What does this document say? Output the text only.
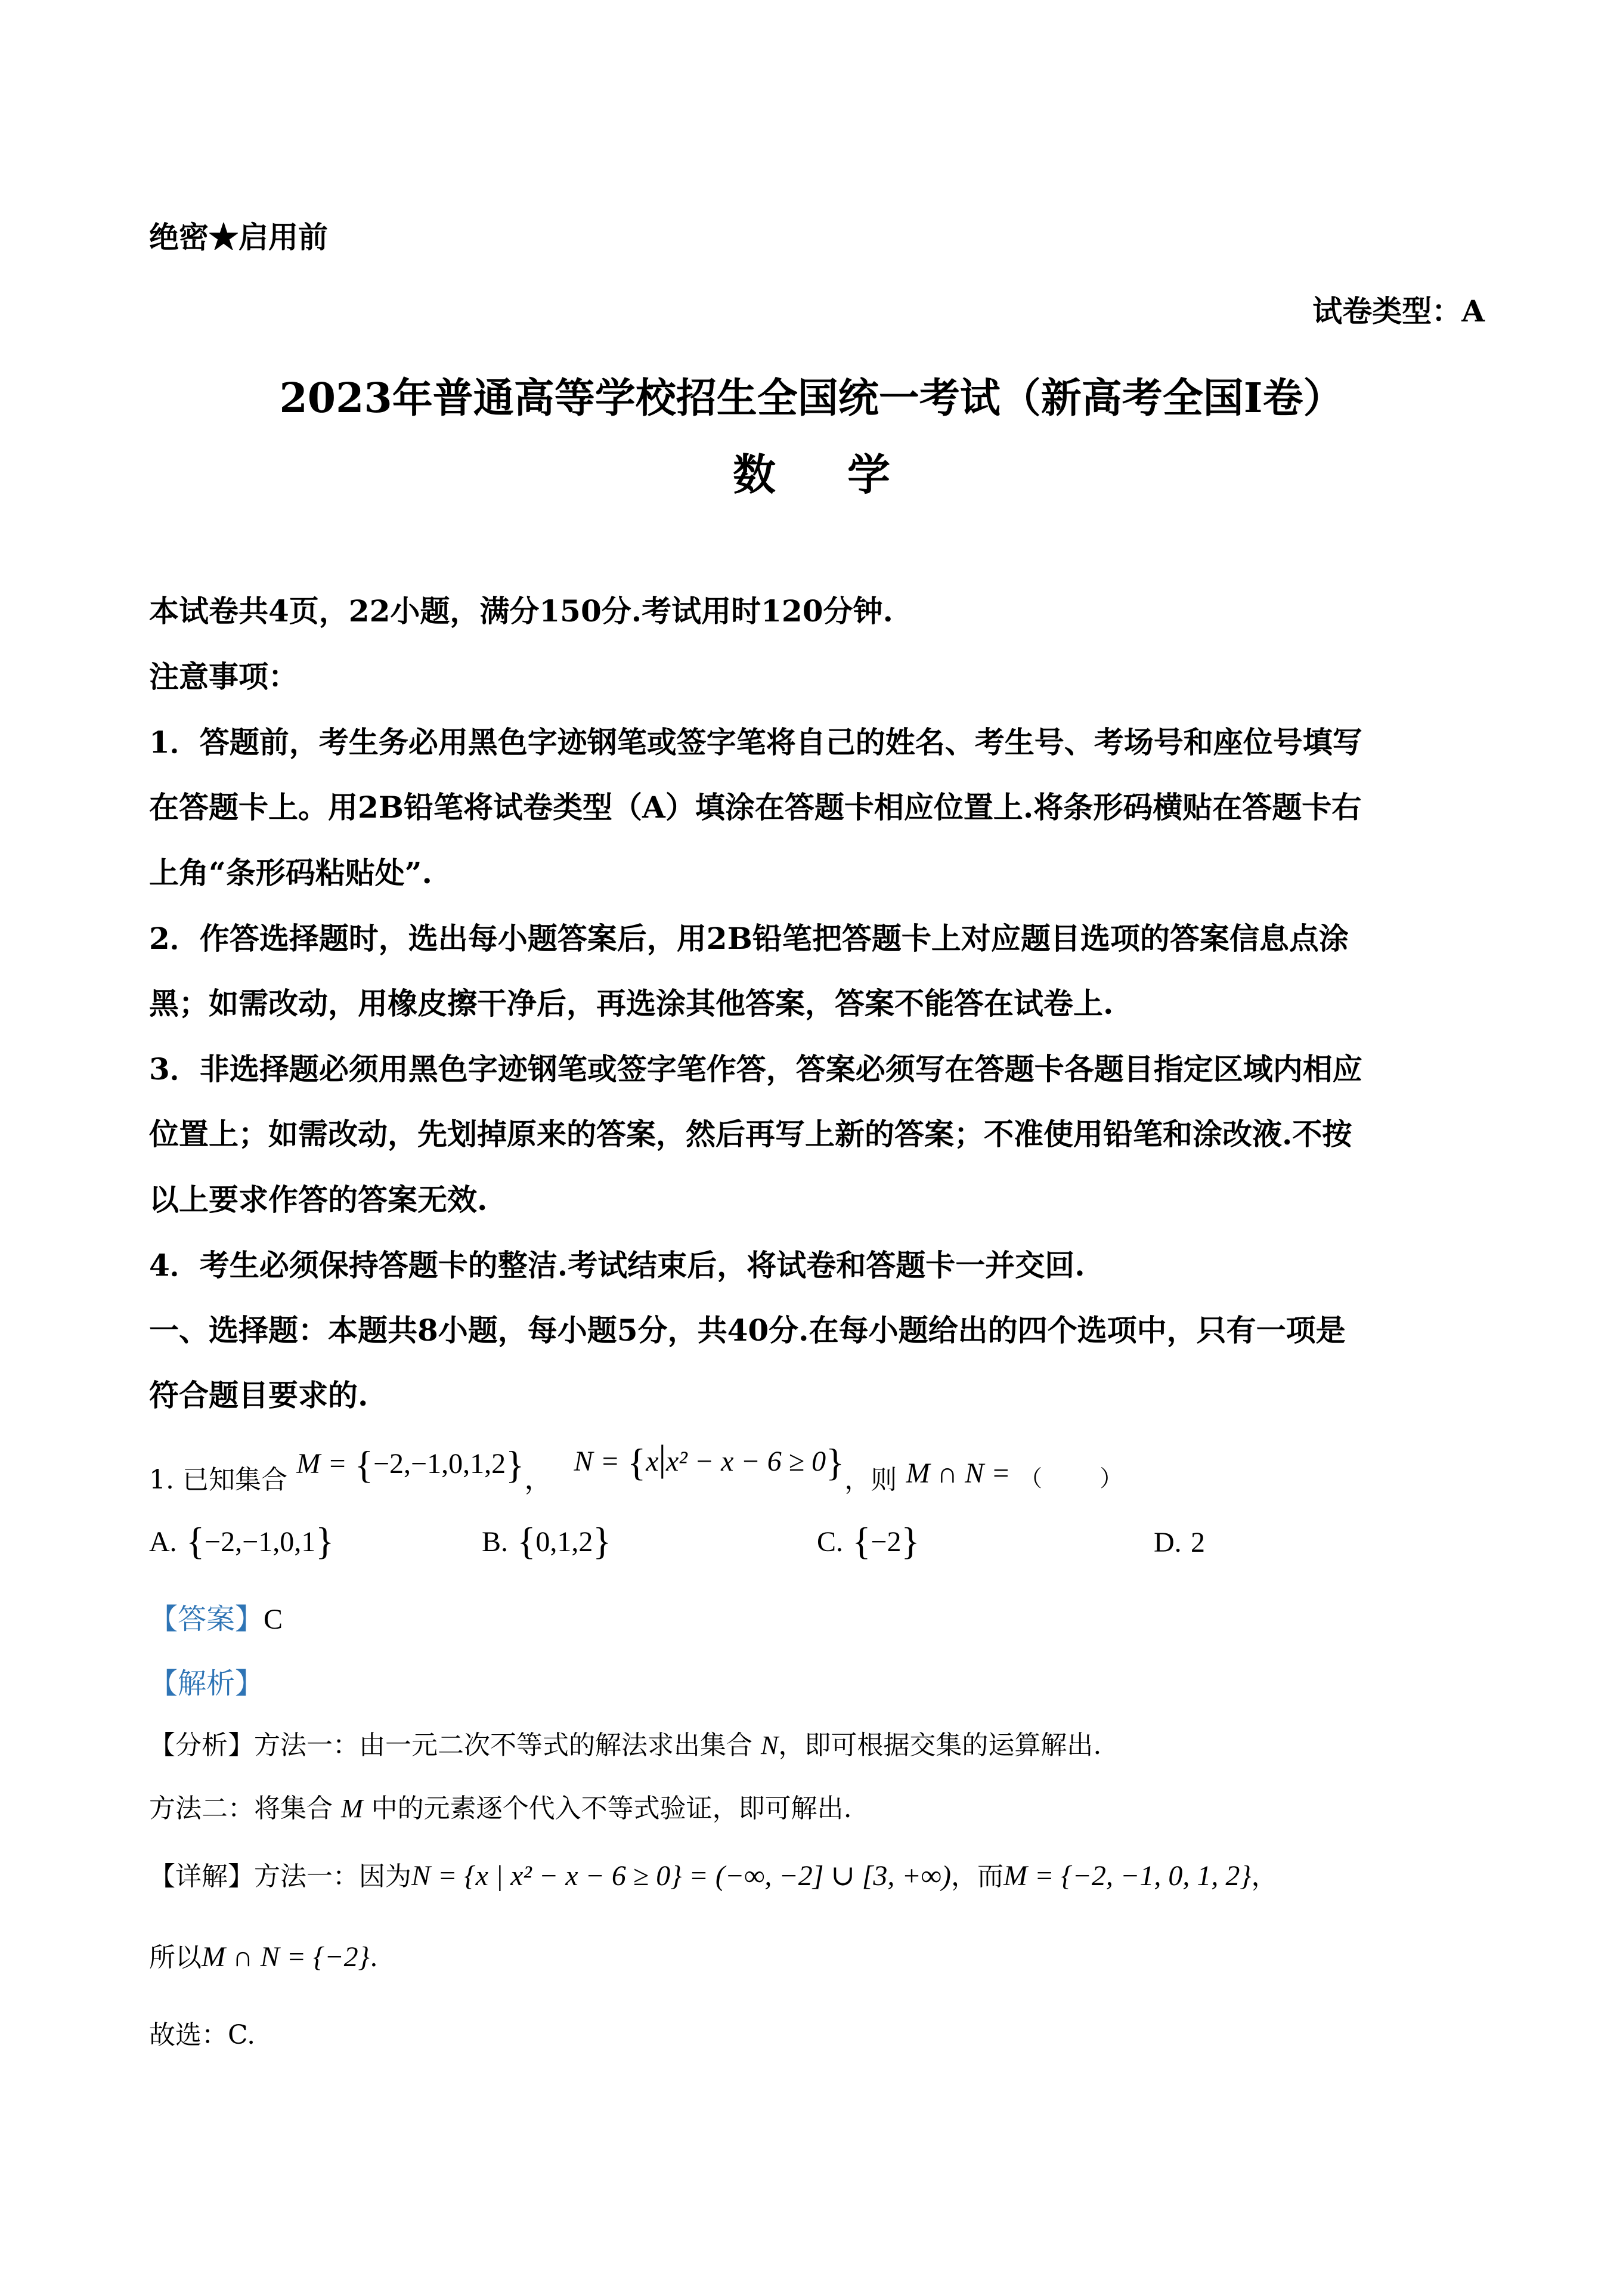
绝密★启用前
试卷类型：A
2023年普通高等学校招生全国统一考试（新高考全国I卷）
数学
本试卷共4页，22小题，满分150分.考试用时120分钟.
注意事项：
1．答题前，考生务必用黑色字迹钢笔或签字笔将自己的姓名、考生号、考场号和座位号填写
在答题卡上。用2B铅笔将试卷类型（A）填涂在答题卡相应位置上.将条形码横贴在答题卡右
上角“条形码粘贴处”.
2．作答选择题时，选出每小题答案后，用2B铅笔把答题卡上对应题目选项的答案信息点涂
黑；如需改动，用橡皮擦干净后，再选涂其他答案，答案不能答在试卷上.
3．非选择题必须用黑色字迹钢笔或签字笔作答，答案必须写在答题卡各题目指定区域内相应
位置上；如需改动，先划掉原来的答案，然后再写上新的答案；不准使用铅笔和涂改液.不按
以上要求作答的答案无效.
4．考生必须保持答题卡的整洁.考试结束后，将试卷和答题卡一并交回.
一、选择题：本题共8小题，每小题5分，共40分.在每小题给出的四个选项中，只有一项是
符合题目要求的.
1. 已知集合 M = {−2,−1,0,1,2}， N = {x|x² − x − 6 ≥ 0}，则 M ∩ N = $_{( )}$
A. {−2,−1,0,1}	B. {0,1,2}	C. {−2}	D. 2
【答案】C
【解析】
【分析】方法一：由一元二次不等式的解法求出集合 N，即可根据交集的运算解出.
方法二：将集合 M 中的元素逐个代入不等式验证，即可解出.
【详解】方法一：因为N = {x | x² − x − 6 ≥ 0} = (−∞, −2] ∪ [3, +∞)，而M = {−2, −1, 0, 1, 2}，
所以M ∩ N = {−2}.
故选：C.
